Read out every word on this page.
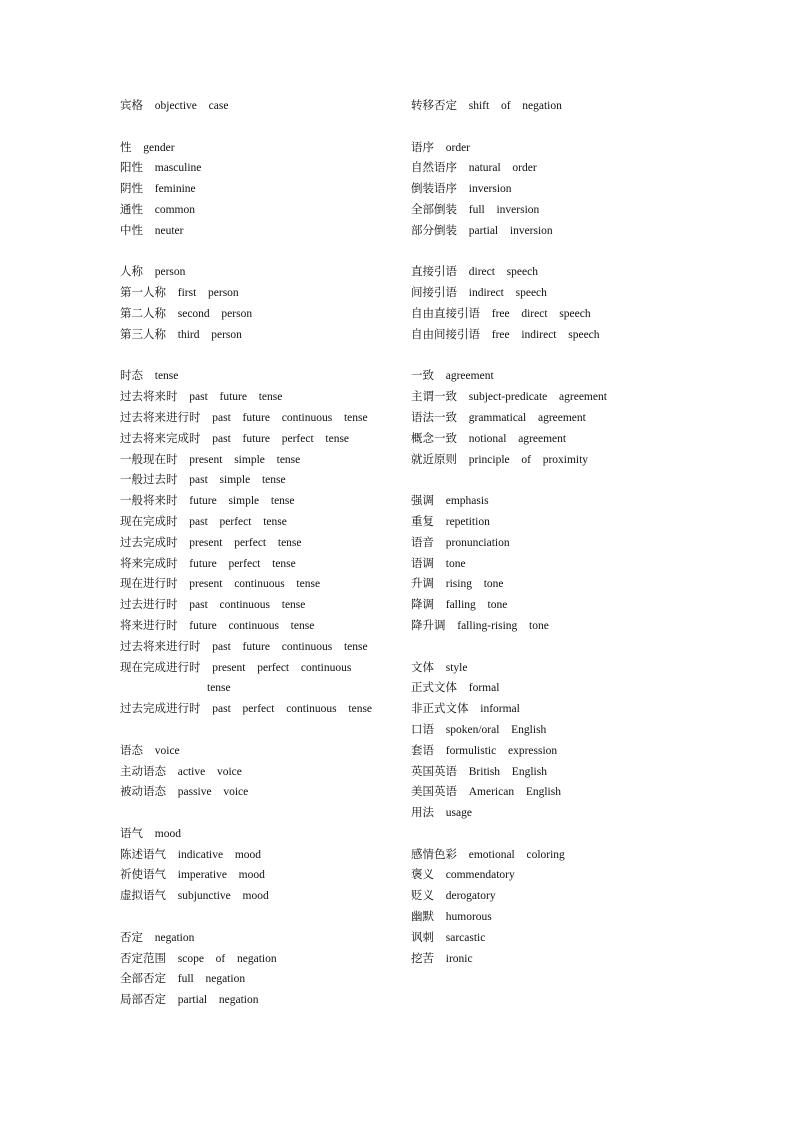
宾格  objective  case
性  gender
阳性  masculine
阴性  feminine
通性  common
中性  neuter
人称  person
第一人称  first  person
第二人称  second  person
第三人称  third  person
时态  tense
过去将来时  past  future  tense
过去将来进行时  past  future  continuous  tense
过去将来完成时  past  future  perfect  tense
一般现在时  present  simple  tense
一般过去时  past  simple  tense
一般将来时  future  simple  tense
现在完成时  past  perfect  tense
过去完成时  present  perfect  tense
将来完成时  future  perfect  tense
现在进行时  present  continuous  tense
过去进行时  past  continuous  tense
将来进行时  future  continuous  tense
过去将来进行时  past  future  continuous  tense
现在完成进行时  present  perfect  continuous
tense
过去完成进行时  past  perfect  continuous  tense
语态  voice
主动语态  active  voice
被动语态  passive  voice
语气  mood
陈述语气  indicative  mood
祈使语气  imperative  mood
虚拟语气  subjunctive  mood
否定  negation
否定范围  scope  of  negation
全部否定  full  negation
局部否定  partial  negation
转移否定  shift  of  negation
语序  order
自然语序  natural  order
倒装语序  inversion
全部倒装  full  inversion
部分倒装  partial  inversion
直接引语  direct  speech
间接引语  indirect  speech
自由直接引语  free  direct  speech
自由间接引语  free  indirect  speech
一致  agreement
主谓一致  subject-predicate  agreement
语法一致  grammatical  agreement
概念一致  notional  agreement
就近原则  principle  of  proximity
强调  emphasis
重复  repetition
语音  pronunciation
语调  tone
升调  rising  tone
降调  falling  tone
降升调  falling-rising  tone
文体  style
正式文体  formal
非正式文体  informal
口语  spoken/oral  English
套语  formulistic  expression
英国英语  British  English
美国英语  American  English
用法  usage
感情色彩  emotional  coloring
褒义  commendatory
贬义  derogatory
幽默  humorous
讽刺  sarcastic
挖苦  ironic
